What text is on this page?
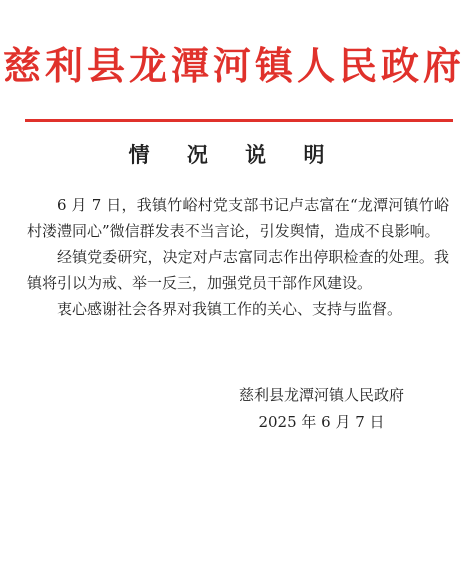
慈利县龙潭河镇人民政府
情 况 说 明

6 月 7 日，我镇竹峪村党支部书记卢志富在“龙潭河镇竹峪村溇澧同心”微信群发表不当言论，引发舆情，造成不良影响。

经镇党委研究，决定对卢志富同志作出停职检查的处理。我镇将引以为戒、举一反三，加强党员干部作风建设。

衷心感谢社会各界对我镇工作的关心、支持与监督。

慈利县龙潭河镇人民政府
2025 年 6 月 7 日
